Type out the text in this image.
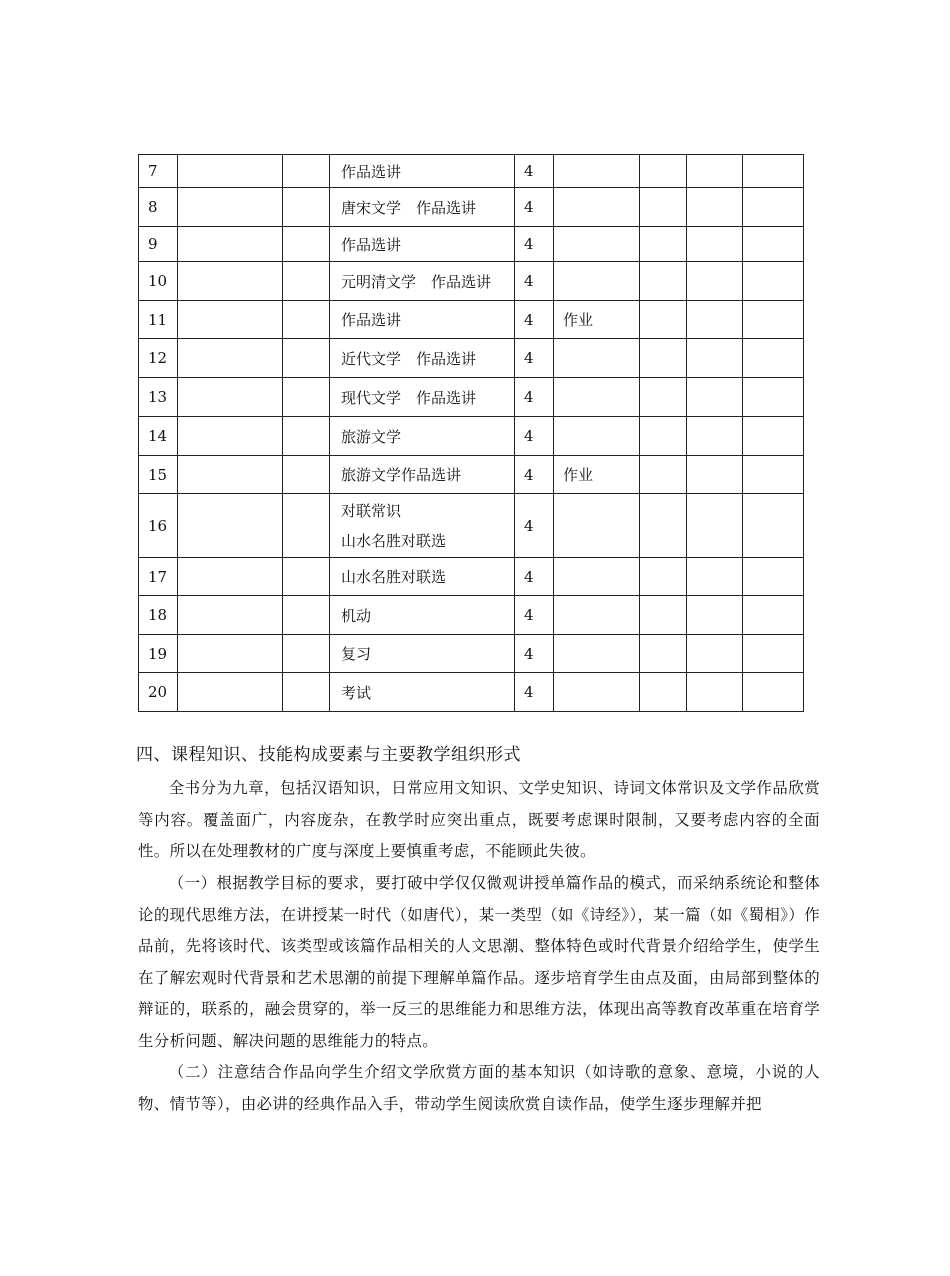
7			作品选讲	4				
8			唐宋文学　作品选讲	4				
9			作品选讲	4				
10			元明清文学　作品选讲	4				
11			作品选讲	4	作业			
12			近代文学　作品选讲	4				
13			现代文学　作品选讲	4				
14			旅游文学	4				
15			旅游文学作品选讲	4	作业			
16			对联常识
山水名胜对联选	4				
17			山水名胜对联选	4				
18			机动	4				
19			复习	4				
20			考试	4				
四、课程知识、技能构成要素与主要教学组织形式

全书分为九章，包括汉语知识，日常应用文知识、文学史知识、诗词文体常识及文学作品欣赏等内容。覆盖面广，内容庞杂，在教学时应突出重点，既要考虑课时限制，又要考虑内容的全面性。所以在处理教材的广度与深度上要慎重考虑，不能顾此失彼。

（一）根据教学目标的要求，要打破中学仅仅微观讲授单篇作品的模式，而采纳系统论和整体论的现代思维方法，在讲授某一时代（如唐代），某一类型（如《诗经》），某一篇（如《蜀相》）作品前，先将该时代、该类型或该篇作品相关的人文思潮、整体特色或时代背景介绍给学生，使学生在了解宏观时代背景和艺术思潮的前提下理解单篇作品。逐步培育学生由点及面，由局部到整体的辩证的，联系的，融会贯穿的，举一反三的思维能力和思维方法，体现出高等教育改革重在培育学生分析问题、解决问题的思维能力的特点。

（二）注意结合作品向学生介绍文学欣赏方面的基本知识（如诗歌的意象、意境，小说的人物、情节等），由必讲的经典作品入手，带动学生阅读欣赏自读作品，使学生逐步理解并把
